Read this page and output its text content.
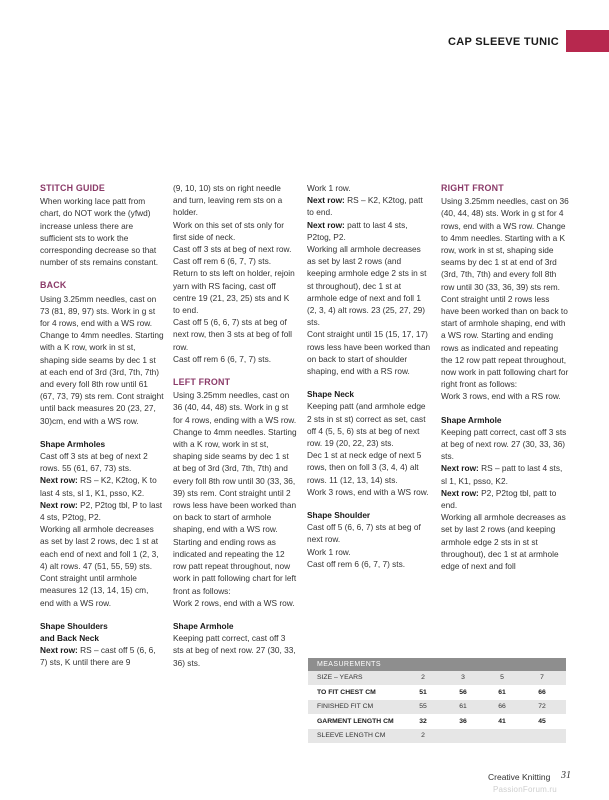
CAP SLEEVE TUNIC
STITCH GUIDE

When working lace patt from chart, do NOT work the (yfwd) increase unless there are sufficient sts to work the corresponding decrease so that number of sts remains constant.

BACK

Using 3.25mm needles, cast on 73 (81, 89, 97) sts. Work in g st for 4 rows, end with a WS row. Change to 4mm needles. Starting with a K row, work in st st, shaping side seams by dec 1 st at each end of 3rd (3rd, 7th, 7th) and every foll 8th row until 61 (67, 73, 79) sts rem. Cont straight until back measures 20 (23, 27, 30)cm, end with a WS row.

Shape Armholes

Cast off 3 sts at beg of next 2 rows. 55 (61, 67, 73) sts.

Next row: RS – K2, K2tog, K to last 4 sts, sl 1, K1, psso, K2.

Next row: P2, P2tog tbl, P to last 4 sts, P2tog, P2.

Working all armhole decreases as set by last 2 rows, dec 1 st at each end of next and foll 1 (2, 3, 4) alt rows. 47 (51, 55, 59) sts.

Cont straight until armhole measures 12 (13, 14, 15) cm, end with a WS row.

Shape Shoulders
and Back Neck

Next row: RS – cast off 5 (6, 6, 7) sts, K until there are 9

(9, 10, 10) sts on right needle and turn, leaving rem sts on a holder.

Work on this set of sts only for first side of neck.

Cast off 3 sts at beg of next row.

Cast off rem 6 (6, 7, 7) sts.

Return to sts left on holder, rejoin yarn with RS facing, cast off centre 19 (21, 23, 25) sts and K to end.

Cast off 5 (6, 6, 7) sts at beg of next row, then 3 sts at beg of foll row.

Cast off rem 6 (6, 7, 7) sts.

LEFT FRONT

Using 3.25mm needles, cast on 36 (40, 44, 48) sts. Work in g st for 4 rows, ending with a WS row. Change to 4mm needles. Starting with a K row, work in st st, shaping side seams by dec 1 st at beg of 3rd (3rd, 7th, 7th) and every foll 8th row until 30 (33, 36, 39) sts rem. Cont straight until 2 rows less have been worked than on back to start of armhole shaping, end with a WS row. Starting and ending rows as indicated and repeating the 12 row patt repeat throughout, now work in patt following chart for left front as follows:

Work 2 rows, end with a WS row.

Shape Armhole

Keeping patt correct, cast off 3 sts at beg of next row. 27 (30, 33, 36) sts.

Work 1 row.

Next row: RS – K2, K2tog, patt to end.

Next row: patt to last 4 sts, P2tog, P2.

Working all armhole decreases as set by last 2 rows (and keeping armhole edge 2 sts in st st throughout), dec 1 st at armhole edge of next and foll 1 (2, 3, 4) alt rows. 23 (25, 27, 29) sts.

Cont straight until 15 (15, 17, 17) rows less have been worked than on back to start of shoulder shaping, end with a RS row.

Shape Neck

Keeping patt (and armhole edge 2 sts in st st) correct as set, cast off 4 (5, 5, 6) sts at beg of next row. 19 (20, 22, 23) sts.

Dec 1 st at neck edge of next 5 rows, then on foll 3 (3, 4, 4) alt rows. 11 (12, 13, 14) sts.

Work 3 rows, end with a WS row.

Shape Shoulder

Cast off 5 (6, 6, 7) sts at beg of next row.

Work 1 row.

Cast off rem 6 (6, 7, 7) sts.

RIGHT FRONT

Using 3.25mm needles, cast on 36 (40, 44, 48) sts. Work in g st for 4 rows, end with a WS row. Change to 4mm needles. Starting with a K row, work in st st, shaping side seams by dec 1 st at end of 3rd (3rd, 7th, 7th) and every foll 8th row until 30 (33, 36, 39) sts rem. Cont straight until 2 rows less have been worked than on back to start of armhole shaping, end with a WS row. Starting and ending rows as indicated and repeating the 12 row patt repeat throughout, now work in patt following chart for right front as follows:

Work 3 rows, end with a RS row.

Shape Armhole

Keeping patt correct, cast off 3 sts at beg of next row. 27 (30, 33, 36) sts.

Next row: RS – patt to last 4 sts, sl 1, K1, psso, K2.

Next row: P2, P2tog tbl, patt to end.

Working all armhole decreases as set by last 2 rows (and keeping armhole edge 2 sts in st st throughout), dec 1 st at armhole edge of next and foll

MEASUREMENTS
SIZE – YEARS	2	3	5	7
TO FIT CHEST CM	51	56	61	66
FINISHED FIT CM	55	61	66	72
GARMENT LENGTH CM	32	36	41	45
SLEEVE LENGTH CM	2
Creative Knitting 31
PassionForum.ru
